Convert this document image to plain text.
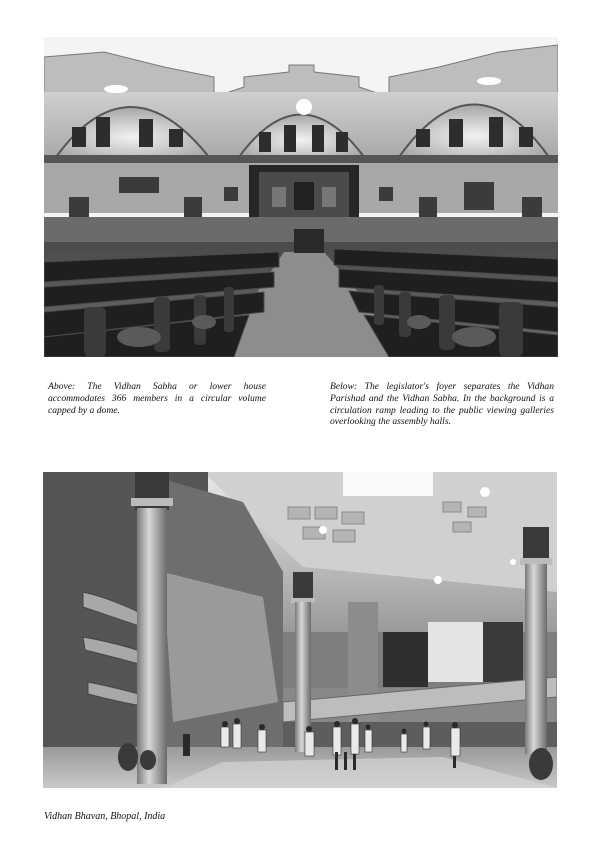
Above: The Vidhan Sabha or lower house accommodates 366 members in a circular volume capped by a dome.

Below: The legislator's foyer separates the Vidhan Parishad and the Vidhan Sabha. In the background is a circulation ramp leading to the public viewing galleries overlooking the assembly halls.

Vidhan Bhavan, Bhopal, India
